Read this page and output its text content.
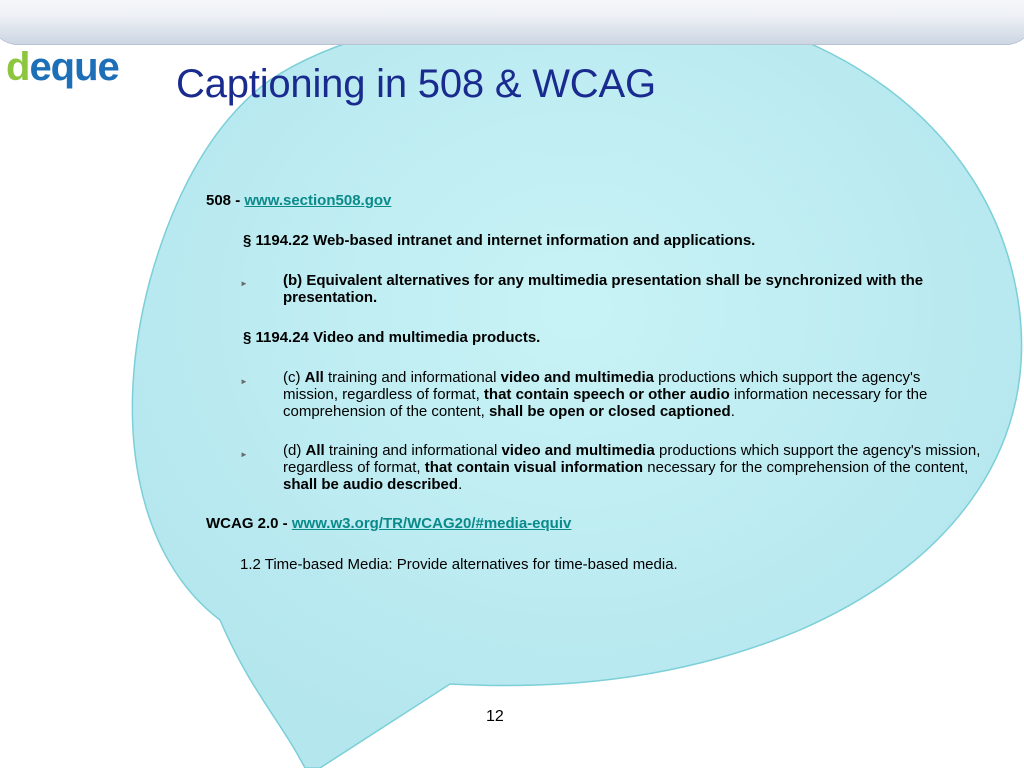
deque Captioning in 508 & WCAG

508 - www.section508.gov

§ 1194.22 Web-based intranet and internet information and applications.

► (b) Equivalent alternatives for any multimedia presentation shall be synchronized with the presentation.

§ 1194.24 Video and multimedia products.

► (c) All training and informational video and multimedia productions which support the agency's mission, regardless of format, that contain speech or other audio information necessary for the comprehension of the content, shall be open or closed captioned.

► (d) All training and informational video and multimedia productions which support the agency's mission, regardless of format, that contain visual information necessary for the comprehension of the content, shall be audio described.

WCAG 2.0 - www.w3.org/TR/WCAG20/#media-equiv

1.2 Time-based Media: Provide alternatives for time-based media.

12
